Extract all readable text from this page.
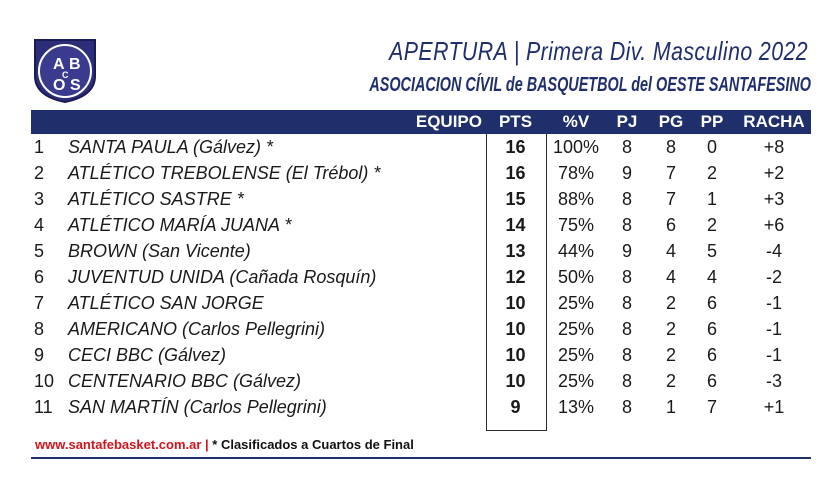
A B
C
O S
APERTURA | Primera Div. Masculino 2022
ASOCIACION CÍVIL de BASQUETBOL del OESTE SANTAFESINO
EQUIPO PTS	%V	PJ PG PP	RACHA
1	SANTA PAULA (Gálvez) *	16	100%	8	8	0	+8
2	ATLÉTICO TREBOLENSE (El Trébol) *	16	78%	9	7	2	+2
3	ATLÉTICO SASTRE *	15	88%	8	7	1	+3
4	ATLÉTICO MARÍA JUANA *	14	75%	8	6	2	+6
5	BROWN (San Vicente)	13	44%	9	4	5	-4
6	JUVENTUD UNIDA (Cañada Rosquín)	12	50%	8	4	4	-2
7	ATLÉTICO SAN JORGE	10	25%	8	2	6	-1
8	AMERICANO (Carlos Pellegrini)	10	25%	8	2	6	-1
9	CECI BBC (Gálvez)	10	25%	8	2	6	-1
10 CENTENARIO BBC (Gálvez)	10	25%	8	2	6	-3
11 SAN MARTÍN (Carlos Pellegrini)	9	13%	8	1	7	+1
www.santafebasket.com.ar | * Clasificados a Cuartos de Final
